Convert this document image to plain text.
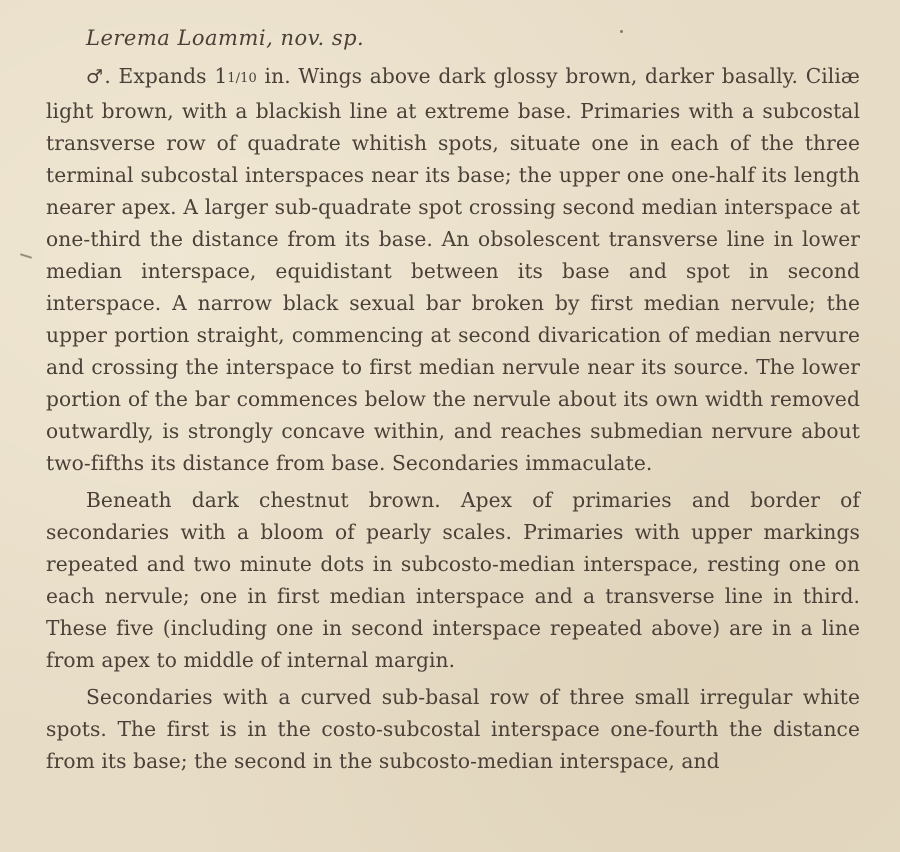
Lerema Loammi, nov. sp.

♂. Expands 11/10 in. Wings above dark glossy brown, darker basally. Ciliæ light brown, with a blackish line at extreme base. Primaries with a subcostal transverse row of quadrate whitish spots, situate one in each of the three terminal subcostal interspaces near its base; the upper one one-half its length nearer apex. A larger sub-quadrate spot crossing second median interspace at one-third the distance from its base. An obsolescent transverse line in lower median interspace, equidistant between its base and spot in second interspace. A narrow black sexual bar broken by first median nervule; the upper portion straight, commencing at second divarication of median nervure and crossing the interspace to first median nervule near its source. The lower portion of the bar commences below the nervule about its own width removed outwardly, is strongly concave within, and reaches submedian nervure about two-fifths its distance from base. Secondaries immaculate.

Beneath dark chestnut brown. Apex of primaries and border of secondaries with a bloom of pearly scales. Primaries with upper markings repeated and two minute dots in subcosto-median interspace, resting one on each nervule; one in first median interspace and a transverse line in third. These five (including one in second interspace repeated above) are in a line from apex to middle of internal margin.

Secondaries with a curved sub-basal row of three small irregular white spots. The first is in the costo-subcostal interspace one-fourth the distance from its base; the second in the subcosto-median interspace, and
